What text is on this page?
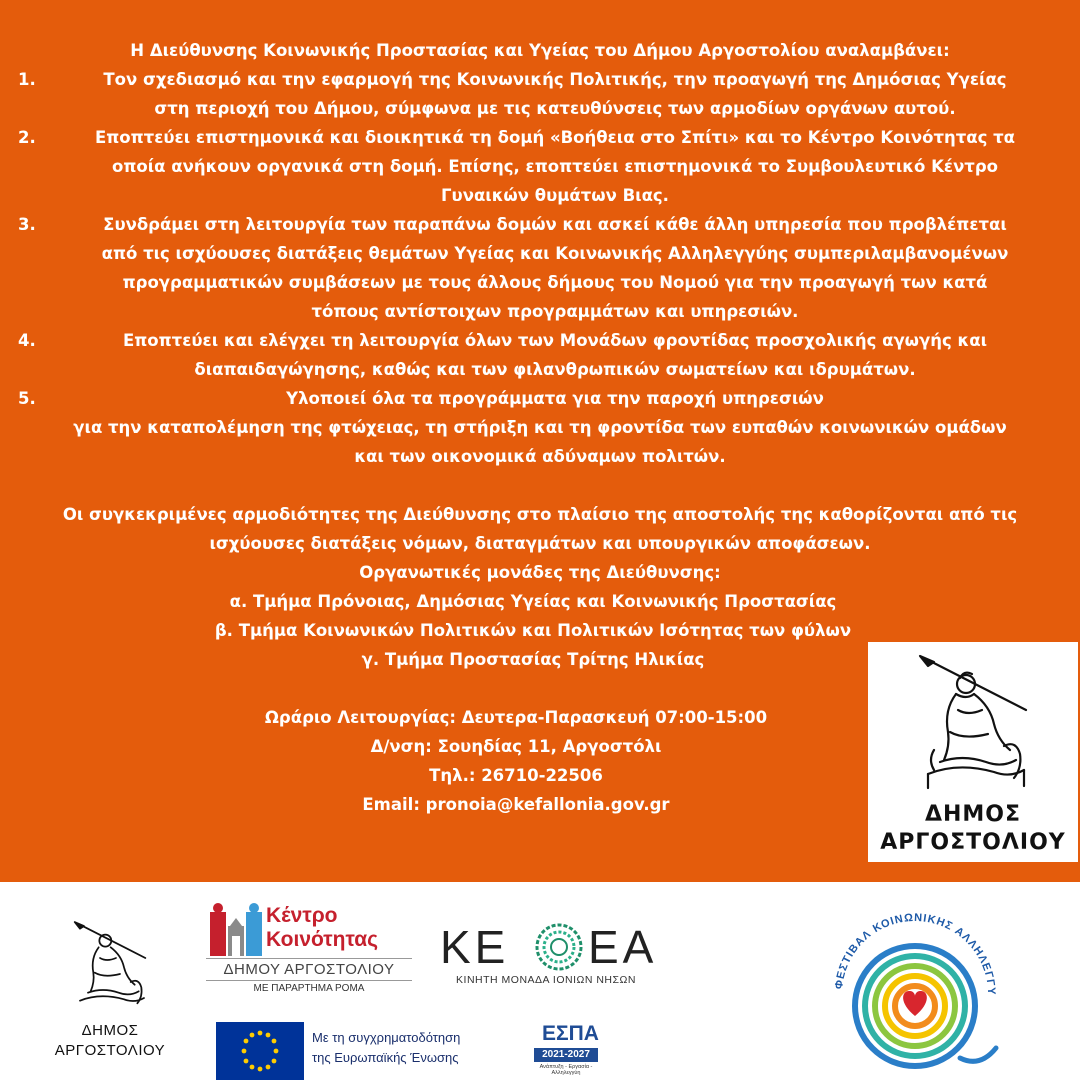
Η Διεύθυνσης Κοινωνικής Προστασίας και Υγείας του Δήμου Αργοστολίου αναλαμβάνει:
1.	Τον σχεδιασμό και την εφαρμογή της Κοινωνικής Πολιτικής, την προαγωγή της Δημόσιας Υγείας
στη περιοχή του Δήμου, σύμφωνα με τις κατευθύνσεις των αρμοδίων οργάνων αυτού.
2.	Εποπτεύει επιστημονικά και διοικητικά τη δομή «Βοήθεια στο Σπίτι» και το Κέντρο Κοινότητας τα
οποία ανήκουν οργανικά στη δομή. Επίσης, εποπτεύει επιστημονικά το Συμβουλευτικό Κέντρο
Γυναικών θυμάτων Βιας.
3.	Συνδράμει στη λειτουργία των παραπάνω δομών και ασκεί κάθε άλλη υπηρεσία που προβλέπεται
από τις ισχύουσες διατάξεις θεμάτων Υγείας και Κοινωνικής Αλληλεγγύης συμπεριλαμβανομένων
προγραμματικών συμβάσεων με τους άλλους δήμους του Νομού για την προαγωγή των κατά
τόπους αντίστοιχων προγραμμάτων και υπηρεσιών.
4.	Εποπτεύει και ελέγχει τη λειτουργία όλων των Μονάδων φροντίδας προσχολικής αγωγής και
διαπαιδαγώγησης, καθώς και των φιλανθρωπικών σωματείων και ιδρυμάτων.
5.	Υλοποιεί όλα τα προγράμματα για την παροχή υπηρεσιών
για την καταπολέμηση της φτώχειας, τη στήριξη και τη φροντίδα των ευπαθών κοινωνικών ομάδων
και των οικονομικά αδύναμων πολιτών.
Οι συγκεκριμένες αρμοδιότητες της Διεύθυνσης στο πλαίσιο της αποστολής της καθορίζονται από τις
ισχύουσες διατάξεις νόμων, διαταγμάτων και υπουργικών αποφάσεων.
Οργανωτικές μονάδες της Διεύθυνσης:
α. Τμήμα Πρόνοιας, Δημόσιας Υγείας και Κοινωνικής Προστασίας
β. Τμήμα Κοινωνικών Πολιτικών και Πολιτικών Ισότητας των φύλων
γ. Τμήμα Προστασίας Τρίτης Ηλικίας
Ωράριο Λειτουργίας: Δευτερα-Παρασκευή 07:00-15:00
Δ/νση: Σουηδίας 11, Αργοστόλι
Τηλ.: 26710-22506
Email: pronoia@kefallonia.gov.gr	ΔΗΜΟΣ
ΑΡΓΟΣΤΟΛΙΟΥ
ΔΗΜΟΣ
ΑΡΓΟΣΤΟΛΙΟΥ
Κέντρο
Κοινότητας
ΔΗΜΟΥ ΑΡΓΟΣΤΟΛΙΟΥ
ΜΕ ΠΑΡΑΡΤΗΜΑ ΡΟΜΑ
ΚΕ ΕΑ
ΚΙΝΗΤΗ ΜΟΝΑΔΑ ΙΟΝΙΩΝ ΝΗΣΩΝ
Με τη συγχρηματοδότηση
της Ευρωπαϊκής Ένωσης
ΕΣΠΑ
2021-2027
Ανάπτυξη - Εργασία - Αλληλεγγύη
ΦΕΣΤΙΒΑΛ ΚΟΙΝΩΝΙΚΗΣ ΑΛΛΗΛΕΓΓΥ
